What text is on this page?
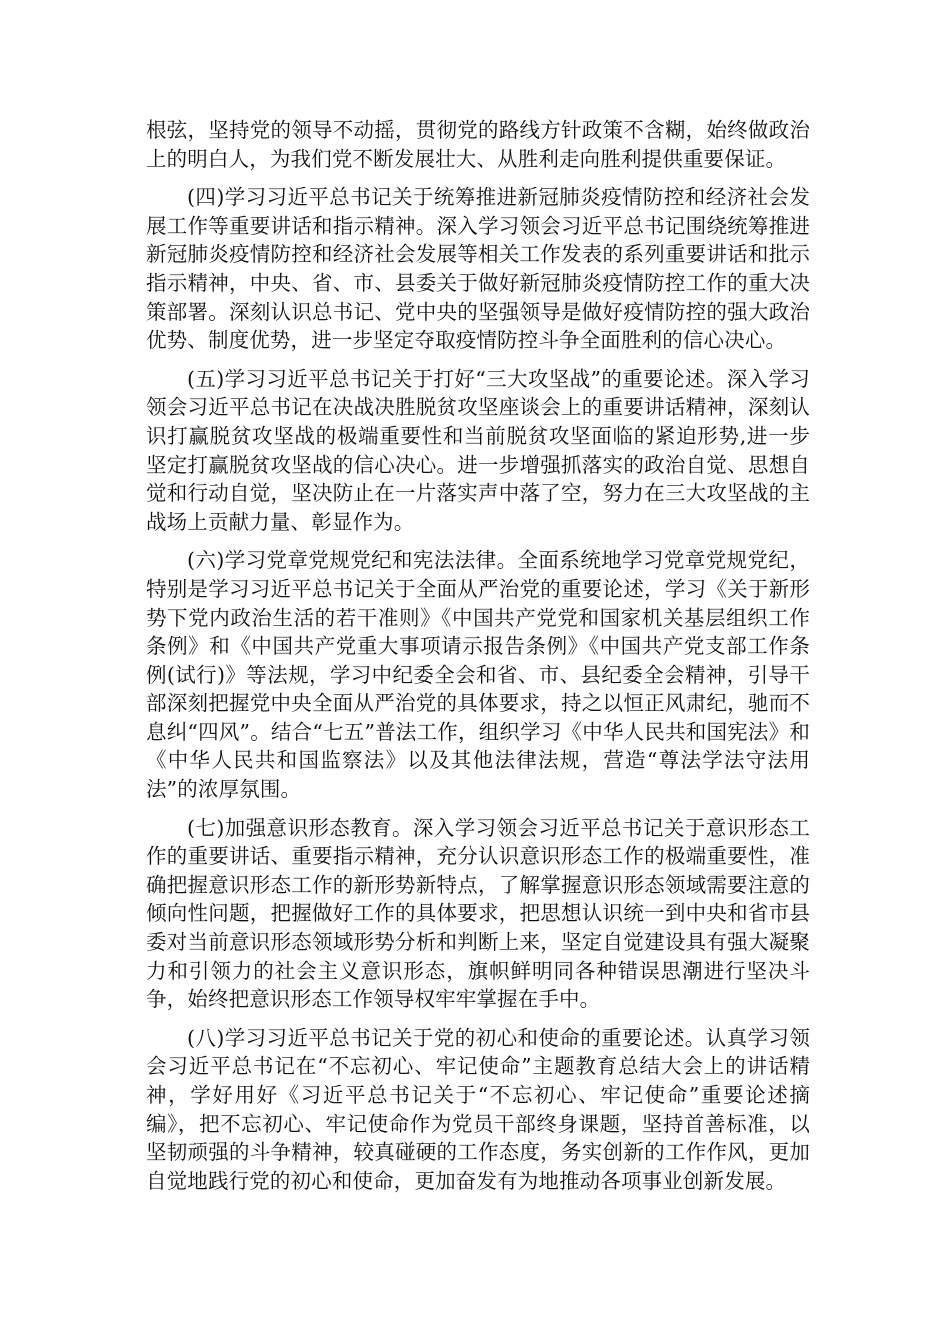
根弦，坚持党的领导不动摇，贯彻党的路线方针政策不含糊，始终做政治上的明白人，为我们党不断发展壮大、从胜利走向胜利提供重要保证。

(四)学习习近平总书记关于统筹推进新冠肺炎疫情防控和经济社会发展工作等重要讲话和指示精神。深入学习领会习近平总书记围绕统筹推进新冠肺炎疫情防控和经济社会发展等相关工作发表的系列重要讲话和批示指示精神，中央、省、市、县委关于做好新冠肺炎疫情防控工作的重大决策部署。深刻认识总书记、党中央的坚强领导是做好疫情防控的强大政治优势、制度优势，进一步坚定夺取疫情防控斗争全面胜利的信心决心。

(五)学习习近平总书记关于打好“三大攻坚战”的重要论述。深入学习领会习近平总书记在决战决胜脱贫攻坚座谈会上的重要讲话精神，深刻认识打赢脱贫攻坚战的极端重要性和当前脱贫攻坚面临的紧迫形势,进一步坚定打赢脱贫攻坚战的信心决心。进一步增强抓落实的政治自觉、思想自觉和行动自觉，坚决防止在一片落实声中落了空，努力在三大攻坚战的主战场上贡献力量、彰显作为。

(六)学习党章党规党纪和宪法法律。全面系统地学习党章党规党纪，特别是学习习近平总书记关于全面从严治党的重要论述，学习《关于新形势下党内政治生活的若干准则》《中国共产党党和国家机关基层组织工作条例》和《中国共产党重大事项请示报告条例》《中国共产党支部工作条例(试行)》等法规，学习中纪委全会和省、市、县纪委全会精神，引导干部深刻把握党中央全面从严治党的具体要求，持之以恒正风肃纪，驰而不息纠“四风”。结合“七五”普法工作，组织学习《中华人民共和国宪法》和《中华人民共和国监察法》以及其他法律法规，营造“尊法学法守法用法”的浓厚氛围。

(七)加强意识形态教育。深入学习领会习近平总书记关于意识形态工作的重要讲话、重要指示精神，充分认识意识形态工作的极端重要性，准确把握意识形态工作的新形势新特点，了解掌握意识形态领域需要注意的倾向性问题，把握做好工作的具体要求，把思想认识统一到中央和省市县委对当前意识形态领域形势分析和判断上来，坚定自觉建设具有强大凝聚力和引领力的社会主义意识形态，旗帜鲜明同各种错误思潮进行坚决斗争，始终把意识形态工作领导权牢牢掌握在手中。

(八)学习习近平总书记关于党的初心和使命的重要论述。认真学习领会习近平总书记在“不忘初心、牢记使命”主题教育总结大会上的讲话精神，学好用好《习近平总书记关于“不忘初心、牢记使命”重要论述摘编》，把不忘初心、牢记使命作为党员干部终身课题，坚持首善标准，以坚韧顽强的斗争精神，较真碰硬的工作态度，务实创新的工作作风，更加自觉地践行党的初心和使命，更加奋发有为地推动各项事业创新发展。
